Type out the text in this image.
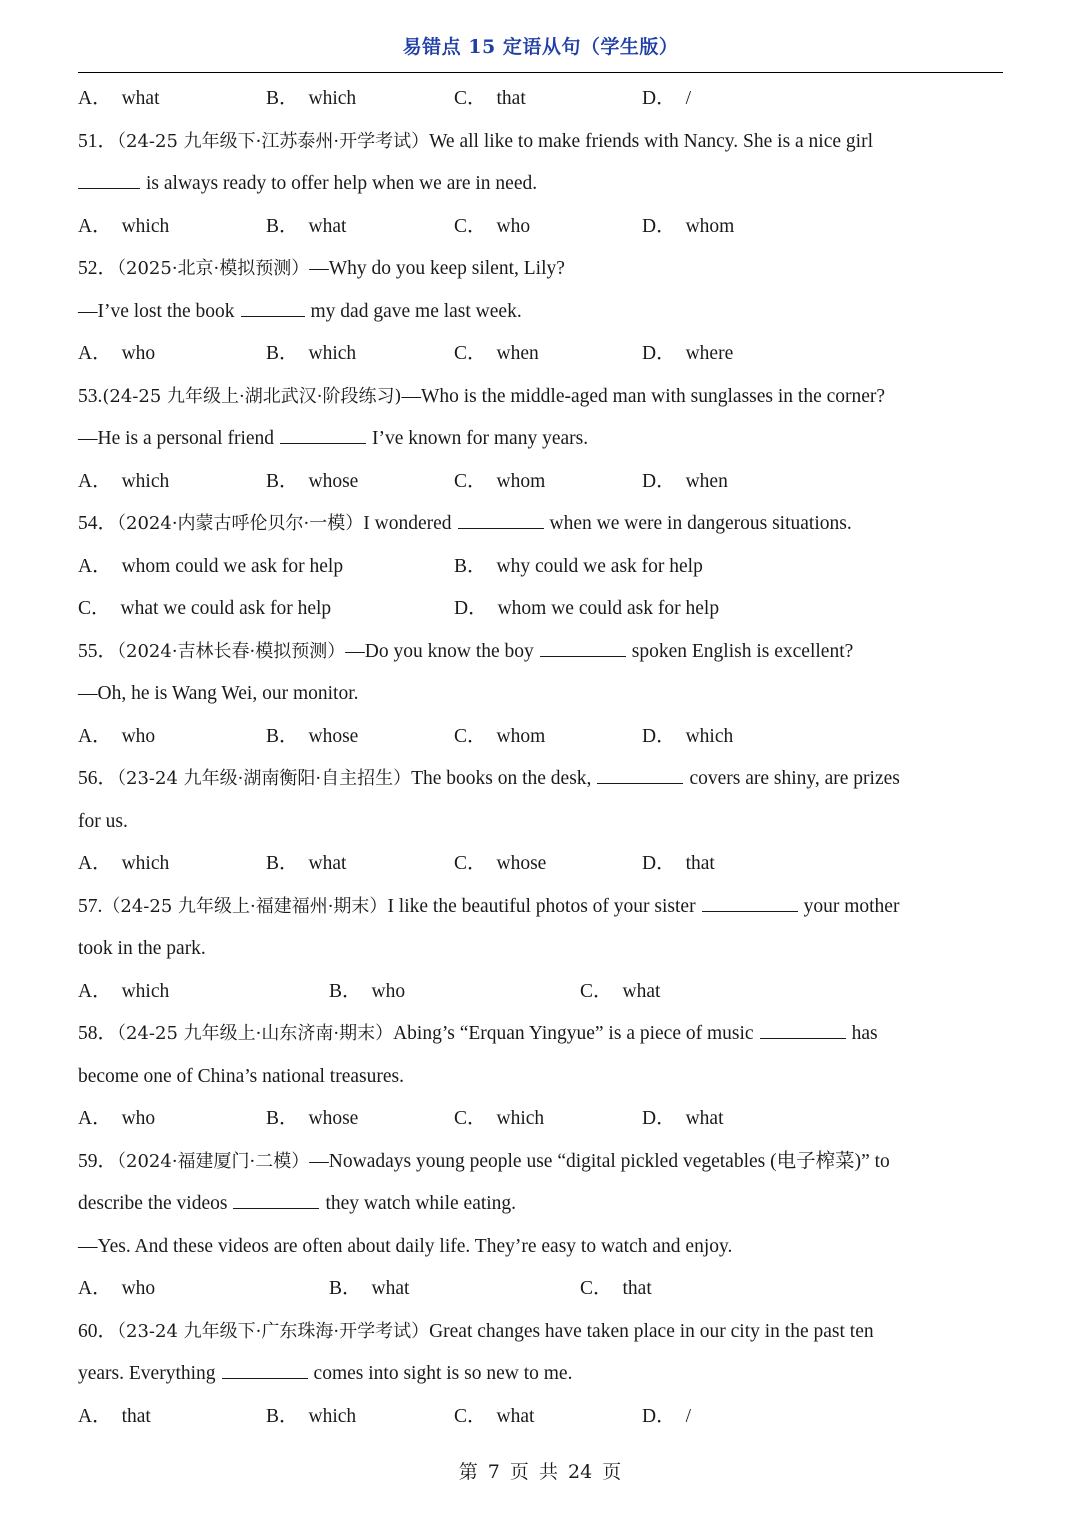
易错点 15 定语从句（学生版）
A． what	B． which	C． that	D． /
51．（24-25 九年级下·江苏泰州·开学考试）We all like to make friends with Nancy. She is a nice girl
is always ready to offer help when we are in need.
A． which	B． what	C． who	D． whom
52．（2025·北京·模拟预测）—Why do you keep silent, Lily?
—I’ve lost the book	my dad gave me last week.
A． who	B． which	C． when	D． where
53.(24-25 九年级上·湖北武汉·阶段练习)—Who is the middle-aged man with sunglasses in the corner?
—He is a personal friend	I’ve known for many years.
A． which	B． whose	C． whom	D． when
54．（2024·内蒙古呼伦贝尔·一模）I wondered	when we were in dangerous situations.
A． whom could we ask for help	B． why could we ask for help
C． what we could ask for help	D． whom we could ask for help
55．（2024·吉林长春·模拟预测）—Do you know the boy	spoken English is excellent?
—Oh, he is Wang Wei, our monitor.
A． who	B． whose	C． whom	D． which
56．（23-24 九年级·湖南衡阳·自主招生）The books on the desk,	covers are shiny, are prizes
for us.
A． which	B． what	C． whose	D． that
57.（24-25 九年级上·福建福州·期末）I like the beautiful photos of your sister	your mother
took in the park.
A． which	B． who	C． what
58．（24-25 九年级上·山东济南·期末）Abing’s “Erquan Yingyue” is a piece of music	has
become one of China’s national treasures.
A． who	B． whose	C． which	D． what
59．（2024·福建厦门·二模）—Nowadays young people use “digital pickled vegetables (电子榨菜)” to
describe the videos	they watch while eating.
—Yes. And these videos are often about daily life. They’re easy to watch and enjoy.
A． who	B． what	C． that
60．（23-24 九年级下·广东珠海·开学考试）Great changes have taken place in our city in the past ten
years. Everything	comes into sight is so new to me.
A． that	B． which	C． what	D． /
第 7 页 共 24 页
